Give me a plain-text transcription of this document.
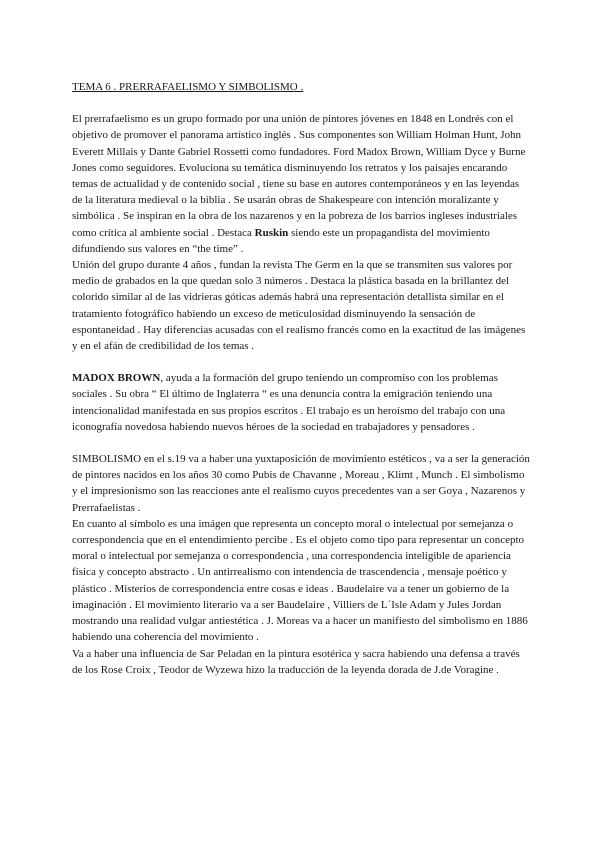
TEMA 6 . PRERRAFAELISMO Y SIMBOLISMO .

El prerrafaelismo es un grupo formado por una unión de pintores jóvenes en 1848 en Londrés con el objetivo de promover el panorama artístico inglés . Sus componentes son William Holman Hunt, John Everett Millais y Dante Gabriel Rossetti como fundadores. Ford Madox Brown, William Dyce y Burne Jones como seguidores. Evoluciona su temática disminuyendo los retratos y los paisajes encarando temas de actualidad y de contenido social , tiene su base en autores contemporáneos y en las leyendas de la literatura medieval o la biblia . Se usarán obras de Shakespeare con intención moralizante y simbólica . Se inspiran en la obra de los nazarenos y en la pobreza de los barrios ingleses industriales como crítica al ambiente social . Destaca Ruskin siendo este un propagandista del movimiento difundiendo sus valores en “the time” .

Unión del grupo durante 4 años , fundan la revista The Germ en la que se transmiten sus valores por medio de grabados en la que quedan solo 3 números . Destaca la plástica basada en la brillantez del colorido similar al de las vidrieras góticas además habrá una representación detallista similar en el tratamiento fotográfico habiendo un exceso de meticulosidad disminuyendo la sensación de espontaneidad . Hay diferencias acusadas con el realismo francés como en la exactitud de las imágenes y en el afán de credibilidad de los temas .

MADOX BROWN, ayuda a la formación del grupo teniendo un compromiso con los problemas sociales . Su obra “ El último de Inglaterra “ es una denuncia contra la emigración teniendo una intencionalidad manifestada en sus propios escritos . El trabajo es un heroísmo del trabajo con una iconografía novedosa habiendo nuevos héroes de la sociedad en trabajadores y pensadores .

SIMBOLISMO en el s.19 va a haber una yuxtaposición de movimiento estéticos , va a ser la generación de pintores nacidos en los años 30 como Pubis de Chavanne , Moreau , Klimt , Munch . El simbolismo y el impresionismo son las reacciones ante el realismo cuyos precedentes van a ser Goya , Nazarenos y Prerrafaelistas .

En cuanto al símbolo es una imágen que representa un concepto moral o intelectual por semejanza o correspondencia que en el entendimiento percibe . Es el objeto como tipo para representar un concepto moral o intelectual por semejanza o correspondencia , una correspondencia inteligible de apariencia física y concepto abstracto . Un antirrealismo con intendencia de trascendencia , mensaje poético y plástico . Misterios de correspondencia entre cosas e ideas . Baudelaire va a tener un gobierno de la imaginación . El movimiento literario va a ser Baudelaire , Villiers de L´Isle Adam y Jules Jordan mostrando una realidad vulgar antiestética . J. Moreas va a hacer un manifiesto del simbolismo en 1886 habiendo una coherencia del movimiento .

Va a haber una influencia de Sar Peladan en la pintura esotérica y sacra habiendo una defensa a través de los Rose Croix , Teodor de Wyzewa hizo la traducción de la leyenda dorada de J.de Voragine .
